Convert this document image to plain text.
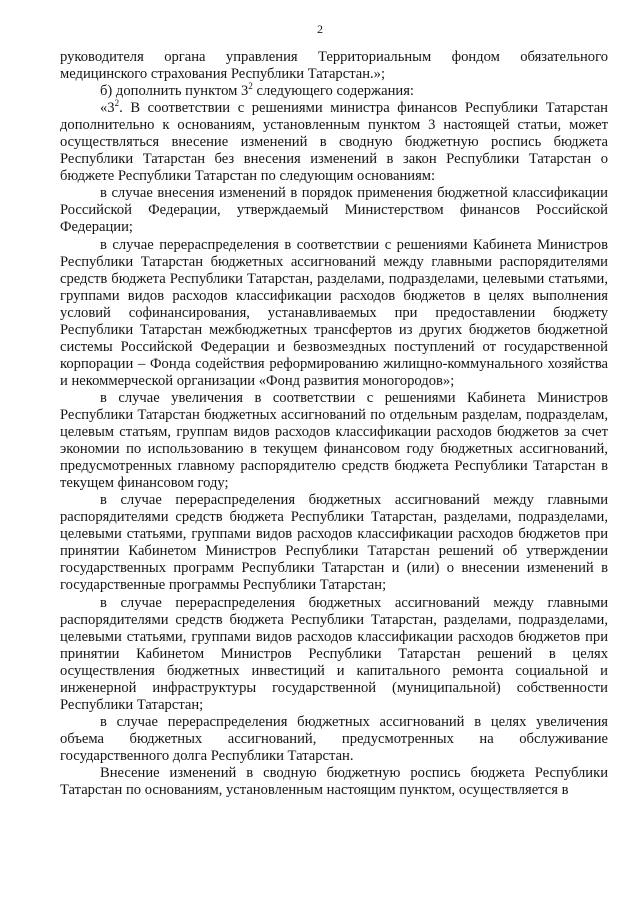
2

руководителя органа управления Территориальным фондом обязательного медицинского страхования Республики Татарстан.»;

б) дополнить пунктом $3^2$ следующего содержания:

«$3^2$. В соответствии с решениями министра финансов Республики Татарстан дополнительно к основаниям, установленным пунктом 3 настоящей статьи, может осуществляться внесение изменений в сводную бюджетную роспись бюджета Республики Татарстан без внесения изменений в закон Республики Татарстан о бюджете Республики Татарстан по следующим основаниям:

в случае внесения изменений в порядок применения бюджетной классификации Российской Федерации, утверждаемый Министерством финансов Российской Федерации;

в случае перераспределения в соответствии с решениями Кабинета Министров Республики Татарстан бюджетных ассигнований между главными распорядителями средств бюджета Республики Татарстан, разделами, подразделами, целевыми статьями, группами видов расходов классификации расходов бюджетов в целях выполнения условий софинансирования, устанавливаемых при предоставлении бюджету Республики Татарстан межбюджетных трансфертов из других бюджетов бюджетной системы Российской Федерации и безвозмездных поступлений от государственной корпорации – Фонда содействия реформированию жилищно-коммунального хозяйства и некоммерческой организации «Фонд развития моногородов»;

в случае увеличения в соответствии с решениями Кабинета Министров Республики Татарстан бюджетных ассигнований по отдельным разделам, подразделам, целевым статьям, группам видов расходов классификации расходов бюджетов за счет экономии по использованию в текущем финансовом году бюджетных ассигнований, предусмотренных главному распорядителю средств бюджета Республики Татарстан в текущем финансовом году;

в случае перераспределения бюджетных ассигнований между главными распорядителями средств бюджета Республики Татарстан, разделами, подразделами, целевыми статьями, группами видов расходов классификации расходов бюджетов при принятии Кабинетом Министров Республики Татарстан решений об утверждении государственных программ Республики Татарстан и (или) о внесении изменений в государственные программы Республики Татарстан;

в случае перераспределения бюджетных ассигнований между главными распорядителями средств бюджета Республики Татарстан, разделами, подразделами, целевыми статьями, группами видов расходов классификации расходов бюджетов при принятии Кабинетом Министров Республики Татарстан решений в целях осуществления бюджетных инвестиций и капитального ремонта социальной и инженерной инфраструктуры государственной (муниципальной) собственности Республики Татарстан;

в случае перераспределения бюджетных ассигнований в целях увеличения объема бюджетных ассигнований, предусмотренных на обслуживание государственного долга Республики Татарстан.

Внесение изменений в сводную бюджетную роспись бюджета Республики Татарстан по основаниям, установленным настоящим пунктом, осуществляется в
